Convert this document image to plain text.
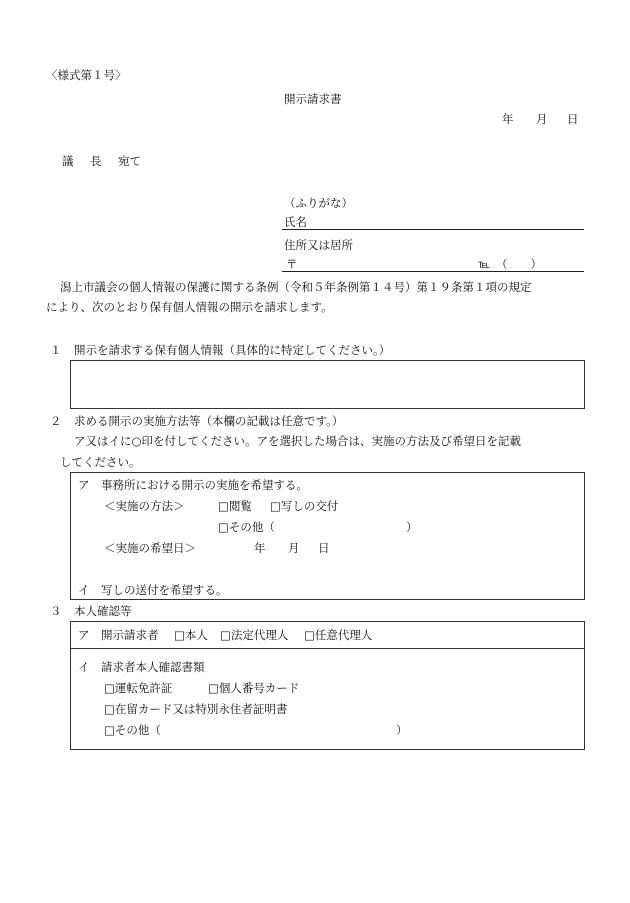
〈様式第１号〉
開示請求書
年 月 日
議 長 宛て
（ふりがな）
氏名
住所又は居所
〒	℡ （　　）
潟上市議会の個人情報の保護に関する条例（令和５年条例第１４号）第１９条第１項の規定
により、次のとおり保有個人情報の開示を請求します。
１ 開示を請求する保有個人情報（具体的に特定してください。）
２ 求める開示の実施方法等（本欄の記載は任意です。）
ア又はイに○印を付してください。アを選択した場合は、実施の方法及び希望日を記載
してください。
ア　事務所における開示の実施を希望する。
＜実施の方法＞	□閲覧 □写しの交付
□その他（	）
＜実施の希望日＞	年 月 日
イ　写しの送付を希望する。
３ 本人確認等
ア　開示請求者 □本人 □法定代理人 □任意代理人
イ　請求者本人確認書類
□運転免許証	□個人番号カード
□在留カード又は特別永住者証明書
□その他（	）
